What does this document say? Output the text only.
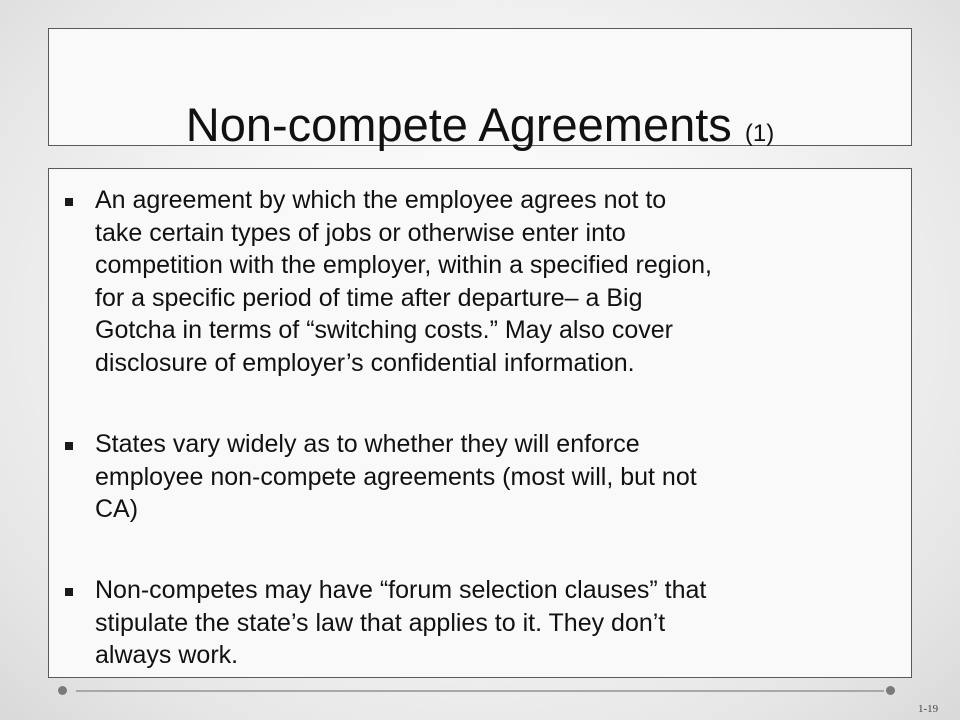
Non-compete Agreements (1)

An agreement by which the employee agrees not to
take certain types of jobs or otherwise enter into
competition with the employer, within a specified region,
for a specific period of time after departure– a Big
Gotcha in terms of “switching costs.” May also cover
disclosure of employer’s confidential information.

States vary widely as to whether they will enforce
employee non-compete agreements (most will, but not
CA)

Non-competes may have “forum selection clauses” that
stipulate the state’s law that applies to it. They don’t
always work.

1-19
